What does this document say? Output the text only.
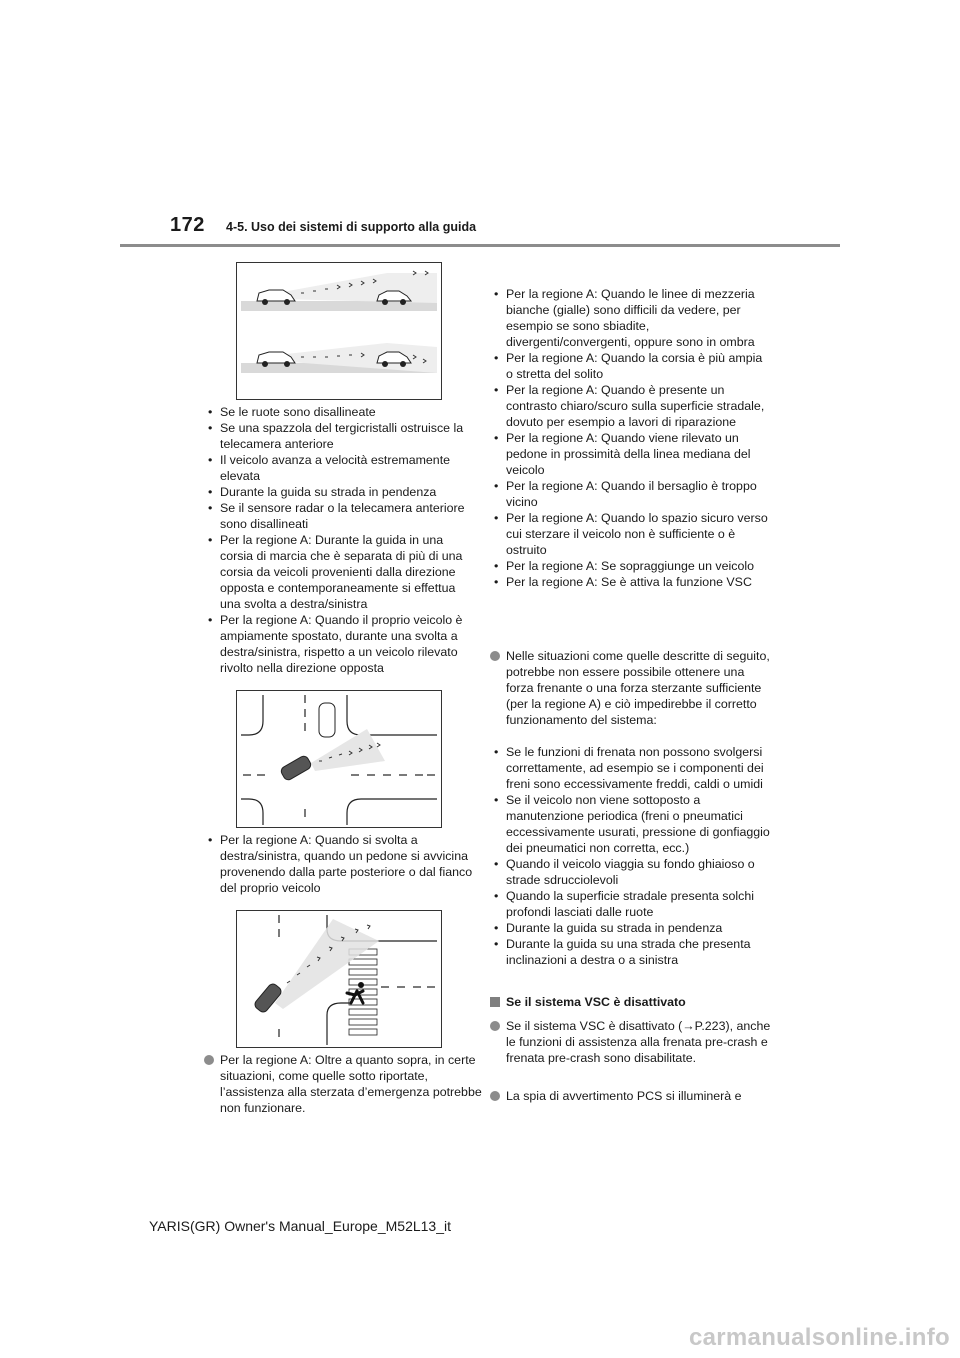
172 4-5. Uso dei sistemi di supporto alla guida
• Se le ruote sono disallineate
• Se una spazzola del tergicristalli ostruisce la telecamera anteriore
• Il veicolo avanza a velocità estremamente elevata
• Durante la guida su strada in pendenza
• Se il sensore radar o la telecamera anteriore sono disallineati
• Per la regione A: Durante la guida in una corsia di marcia che è separata di più di una corsia da veicoli provenienti dalla direzione opposta e contemporaneamente si effettua una svolta a destra/sinistra
• Per la regione A: Quando il proprio veicolo è ampiamente spostato, durante una svolta a destra/sinistra, rispetto a un veicolo rilevato rivolto nella direzione opposta
• Per la regione A: Quando si svolta a destra/sinistra, quando un pedone si avvicina provenendo dalla parte posteriore o dal fianco del proprio veicolo
Per la regione A: Oltre a quanto sopra, in certe situazioni, come quelle sotto riportate, l’assistenza alla sterzata d’emergenza potrebbe non funzionare.
• Per la regione A: Quando le linee di mezzeria bianche (gialle) sono difficili da vedere, per esempio se sono sbiadite, divergenti/convergenti, oppure sono in ombra
• Per la regione A: Quando la corsia è più ampia o stretta del solito
• Per la regione A: Quando è presente un contrasto chiaro/scuro sulla superficie stradale, dovuto per esempio a lavori di riparazione
• Per la regione A: Quando viene rilevato un pedone in prossimità della linea mediana del veicolo
• Per la regione A: Quando il bersaglio è troppo vicino
• Per la regione A: Quando lo spazio sicuro verso cui sterzare il veicolo non è sufficiente o è ostruito
• Per la regione A: Se sopraggiunge un veicolo
• Per la regione A: Se è attiva la funzione VSC
Nelle situazioni come quelle descritte di seguito, potrebbe non essere possibile ottenere una forza frenante o una forza sterzante sufficiente (per la regione A) e ciò impedirebbe il corretto funzionamento del sistema:
• Se le funzioni di frenata non possono svolgersi correttamente, ad esempio se i componenti dei freni sono eccessivamente freddi, caldi o umidi
• Se il veicolo non viene sottoposto a manutenzione periodica (freni o pneumatici eccessivamente usurati, pressione di gonfiaggio dei pneumatici non corretta, ecc.)
• Quando il veicolo viaggia su fondo ghiaioso o strade sdrucciolevoli
• Quando la superficie stradale presenta solchi profondi lasciati dalle ruote
• Durante la guida su strada in pendenza
• Durante la guida su una strada che presenta inclinazioni a destra o a sinistra
Se il sistema VSC è disattivato
Se il sistema VSC è disattivato (→P.223), anche le funzioni di assistenza alla frenata pre-crash e frenata pre-crash sono disabilitate.
La spia di avvertimento PCS si illuminerà e
YARIS(GR) Owner's Manual_Europe_M52L13_it
carmanualsonline.info
